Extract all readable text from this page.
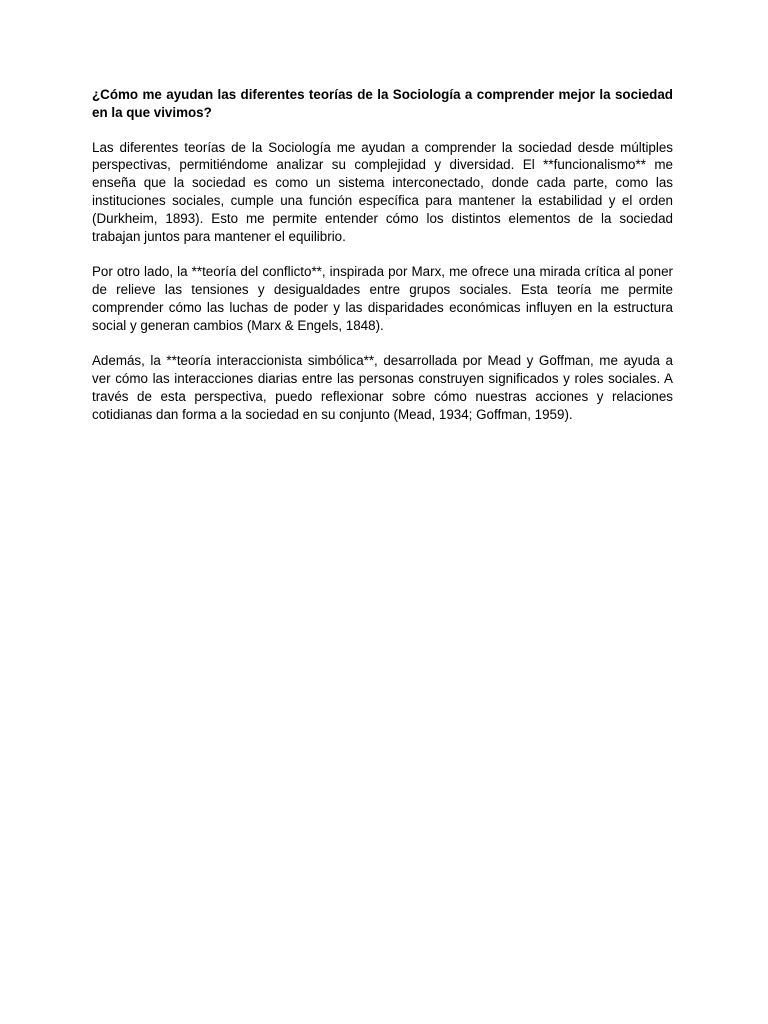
¿Cómo me ayudan las diferentes teorías de la Sociología a comprender mejor la sociedad en la que vivimos?

Las diferentes teorías de la Sociología me ayudan a comprender la sociedad desde múltiples perspectivas, permitiéndome analizar su complejidad y diversidad. El **funcionalismo** me enseña que la sociedad es como un sistema interconectado, donde cada parte, como las instituciones sociales, cumple una función específica para mantener la estabilidad y el orden (Durkheim, 1893). Esto me permite entender cómo los distintos elementos de la sociedad trabajan juntos para mantener el equilibrio.

Por otro lado, la **teoría del conflicto**, inspirada por Marx, me ofrece una mirada crítica al poner de relieve las tensiones y desigualdades entre grupos sociales. Esta teoría me permite comprender cómo las luchas de poder y las disparidades económicas influyen en la estructura social y generan cambios (Marx & Engels, 1848).

Además, la **teoría interaccionista simbólica**, desarrollada por Mead y Goffman, me ayuda a ver cómo las interacciones diarias entre las personas construyen significados y roles sociales. A través de esta perspectiva, puedo reflexionar sobre cómo nuestras acciones y relaciones cotidianas dan forma a la sociedad en su conjunto (Mead, 1934; Goffman, 1959).
